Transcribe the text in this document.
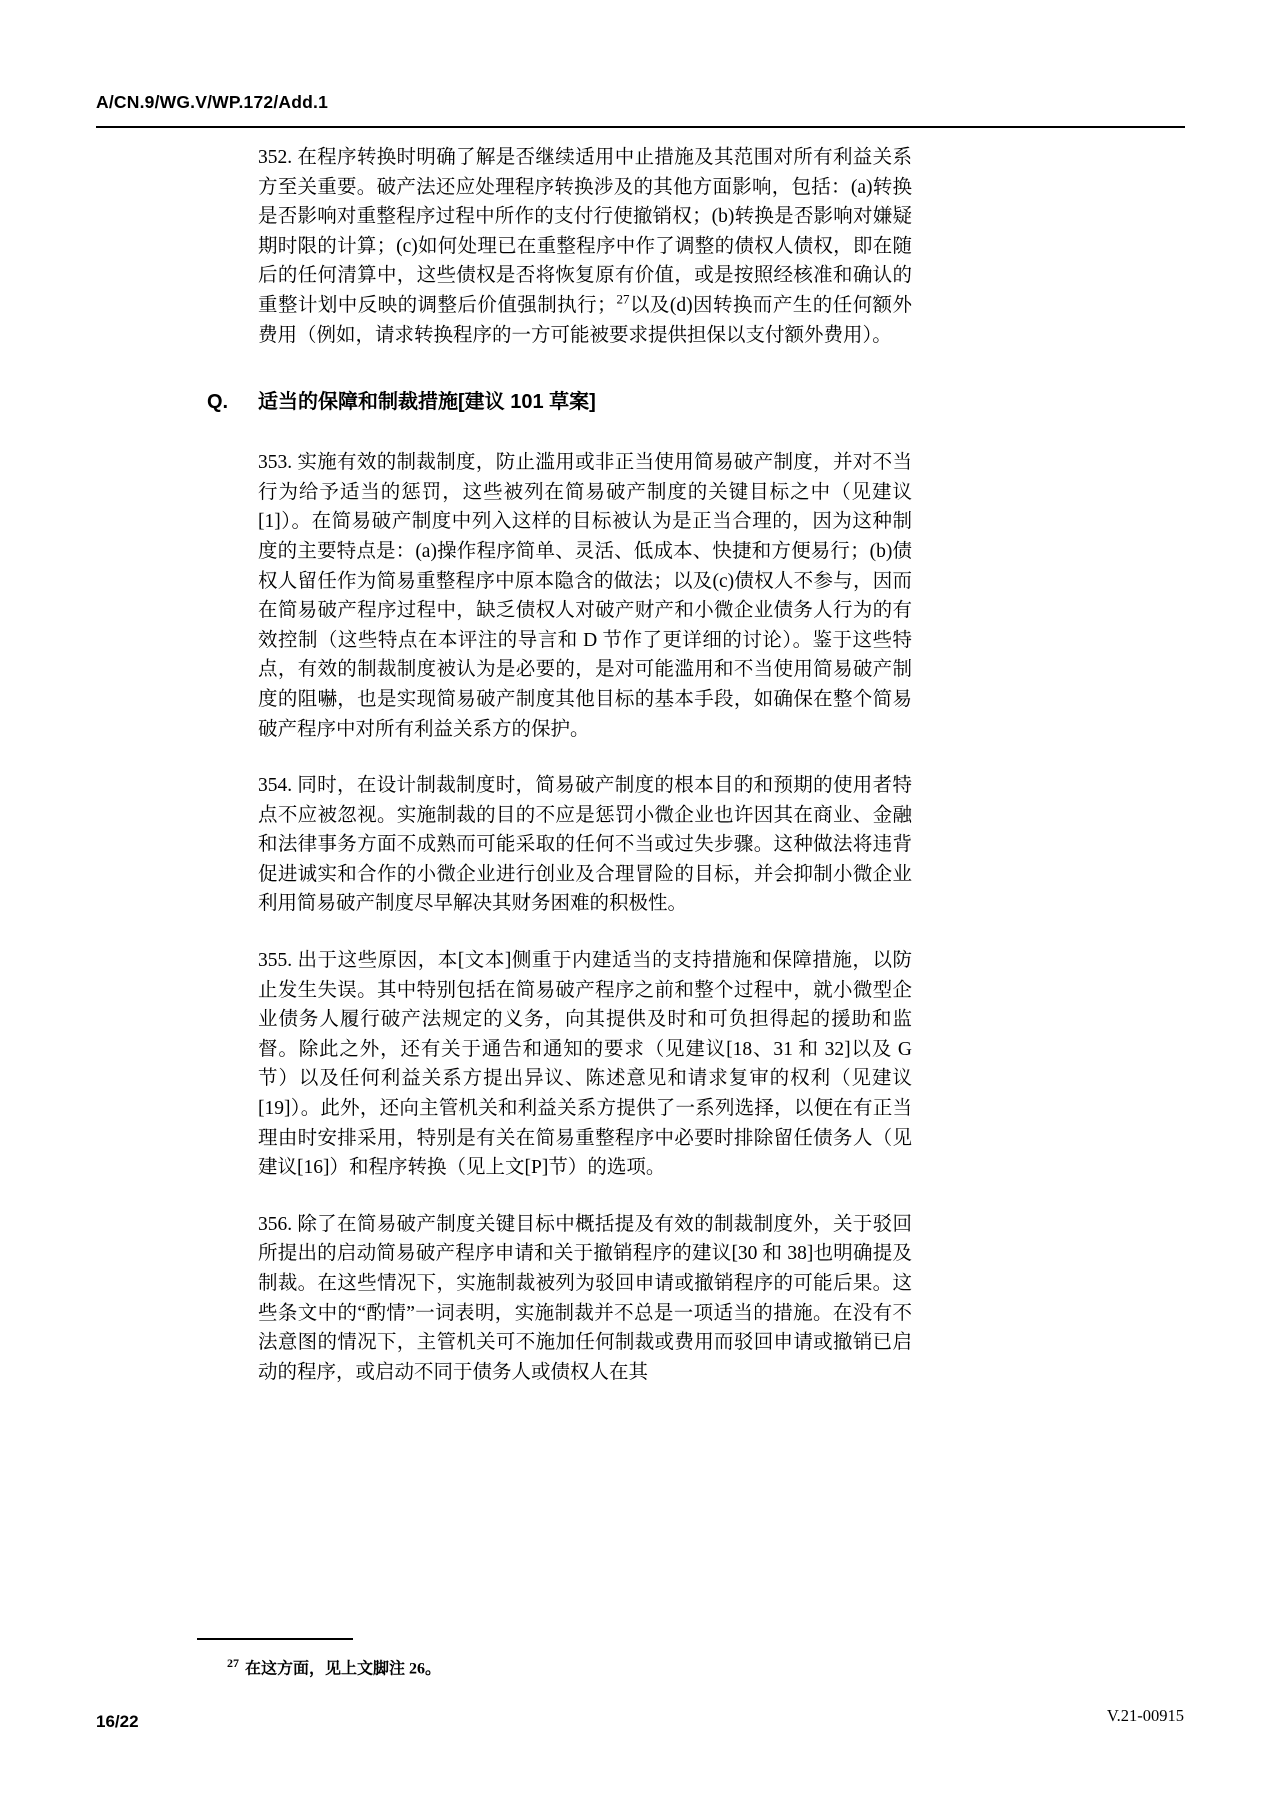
A/CN.9/WG.V/WP.172/Add.1

352. 在程序转换时明确了解是否继续适用中止措施及其范围对所有利益关系方至关重要。破产法还应处理程序转换涉及的其他方面影响，包括：(a)转换是否影响对重整程序过程中所作的支付行使撤销权；(b)转换是否影响对嫌疑期时限的计算；(c)如何处理已在重整程序中作了调整的债权人债权，即在随后的任何清算中，这些债权是否将恢复原有价值，或是按照经核准和确认的重整计划中反映的调整后价值强制执行；$^{27}$以及(d)因转换而产生的任何额外费用（例如，请求转换程序的一方可能被要求提供担保以支付额外费用）。

Q.	适当的保障和制裁措施[建议 101 草案]

353. 实施有效的制裁制度，防止滥用或非正当使用简易破产制度，并对不当行为给予适当的惩罚，这些被列在简易破产制度的关键目标之中（见建议[1]）。在简易破产制度中列入这样的目标被认为是正当合理的，因为这种制度的主要特点是：(a)操作程序简单、灵活、低成本、快捷和方便易行；(b)债权人留任作为简易重整程序中原本隐含的做法；以及(c)债权人不参与，因而在简易破产程序过程中，缺乏债权人对破产财产和小微企业债务人行为的有效控制（这些特点在本评注的导言和 D 节作了更详细的讨论）。鉴于这些特点，有效的制裁制度被认为是必要的，是对可能滥用和不当使用简易破产制度的阻嚇，也是实现简易破产制度其他目标的基本手段，如确保在整个简易破产程序中对所有利益关系方的保护。

354. 同时，在设计制裁制度时，简易破产制度的根本目的和预期的使用者特点不应被忽视。实施制裁的目的不应是惩罚小微企业也许因其在商业、金融和法律事务方面不成熟而可能采取的任何不当或过失步骤。这种做法将违背促进诚实和合作的小微企业进行创业及合理冒险的目标，并会抑制小微企业利用简易破产制度尽早解决其财务困难的积极性。

355. 出于这些原因，本[文本]侧重于内建适当的支持措施和保障措施，以防止发生失误。其中特别包括在简易破产程序之前和整个过程中，就小微型企业债务人履行破产法规定的义务，向其提供及时和可负担得起的援助和监督。除此之外，还有关于通告和通知的要求（见建议[18、31 和 32]以及 G 节）以及任何利益关系方提出异议、陈述意见和请求复审的权利（见建议[19]）。此外，还向主管机关和利益关系方提供了一系列选择，以便在有正当理由时安排采用，特别是有关在简易重整程序中必要时排除留任债务人（见建议[16]）和程序转换（见上文[P]节）的选项。

356. 除了在简易破产制度关键目标中概括提及有效的制裁制度外，关于驳回所提出的启动简易破产程序申请和关于撤销程序的建议[30 和 38]也明确提及制裁。在这些情况下，实施制裁被列为驳回申请或撤销程序的可能后果。这些条文中的“酌情”一词表明，实施制裁并不总是一项适当的措施。在没有不法意图的情况下，主管机关可不施加任何制裁或费用而驳回申请或撤销已启动的程序，或启动不同于债务人或债权人在其

$^{27}$ 在这方面，见上文脚注 26。
16/22	V.21-00915
